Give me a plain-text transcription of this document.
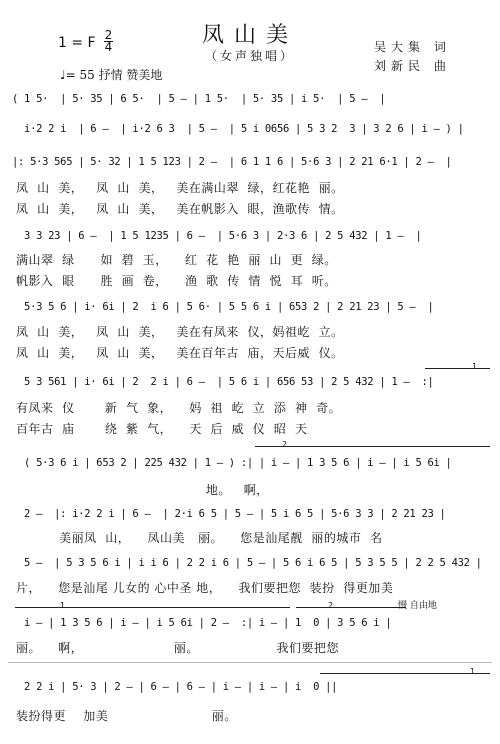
凤山美
（女声独唱）
1 = F 2
4	吴大集 词
刘新民 曲
♩= 55 抒情 赞美地
( 1 5·  | 5· 35 | 6 5·  | 5 — | 1 5·  | 5· 35 | i 5·  | 5 —  |
i·2 2 i  | 6 —  | i·2 6 3  | 5 —  | 5 i 0656 | 5 3 2  3 | 3 2 6 | i — ) |
|: 5·3 565 | 5· 32 | 1 5 123 | 2 —  | 6 1 1 6 | 5·6 3 | 2 21 6·1 | 2 —  |
凤  山  美，   凤  山  美，   美在满山翠  绿，红花艳  丽。
凤  山  美，   凤  山  美，   美在帆影入  眼，渔歌传  情。
3 3 23 | 6 —  | 1 5 1235 | 6 —  | 5·6 3 | 2·3 6 | 2 5 432 | 1 —  |
满山翠  绿      如  碧  玉，    红  花  艳  丽  山  更  绿。
帆影入  眼      胜  画  卷，    渔  歌  传  情  悦  耳  听。
5·3 5 6 | i· 6i | 2  i 6 | 5 6· | 5 5 6 i | 653 2 | 2 21 23 | 5 —  |
凤  山  美，   凤  山  美，   美在有凤来  仪，妈祖屹  立。
凤  山  美，   凤  山  美，   美在百年古  庙，天后威  仪。
1
5 3 561 | i· 6i | 2  2 i | 6 —  | 5 6 i | 656 53 | 2 5 432 | 1 —  :|
有凤来  仪       新  气  象，    妈  祖  屹  立  添  神  奇。
百年古  庙       绕  紫  气，    天  后  威  仪  昭  天
2
( 5·3 6 i | 653 2 | 225 432 | 1 — ) :| | i — | 1 3 5 6 | i — | i 5 6i |
地。   啊，
2 —  |: i·2 2 i | 6 —  | 2·i 6 5 | 5 — | 5 i 6 5 | 5·6 3 3 | 2 21 23 |
美丽凤  山，    凤山美   丽。    您是汕尾靓  丽的城市  名
5 —  | 5 3 5 6 i | i i 6 | 2 2 i 6 | 5 — | 5 6 i 6 5 | 5 3 5 5 | 2 2 5 432 |
片，    您是汕尾 儿女的 心中圣 地，    我们要把您  装扮  得更加美
1	2	慢 自由地
i — | 1 3 5 6 | i — | i 5 6i | 2 —  :| i — | 1  0 | 3 5 6 i |
丽。    啊，                     丽。                  我们要把您
1
2 2 i | 5· 3 | 2 — | 6 — | 6 — | i — | i — | i  0 ||
装扮得更    加美                        丽。
